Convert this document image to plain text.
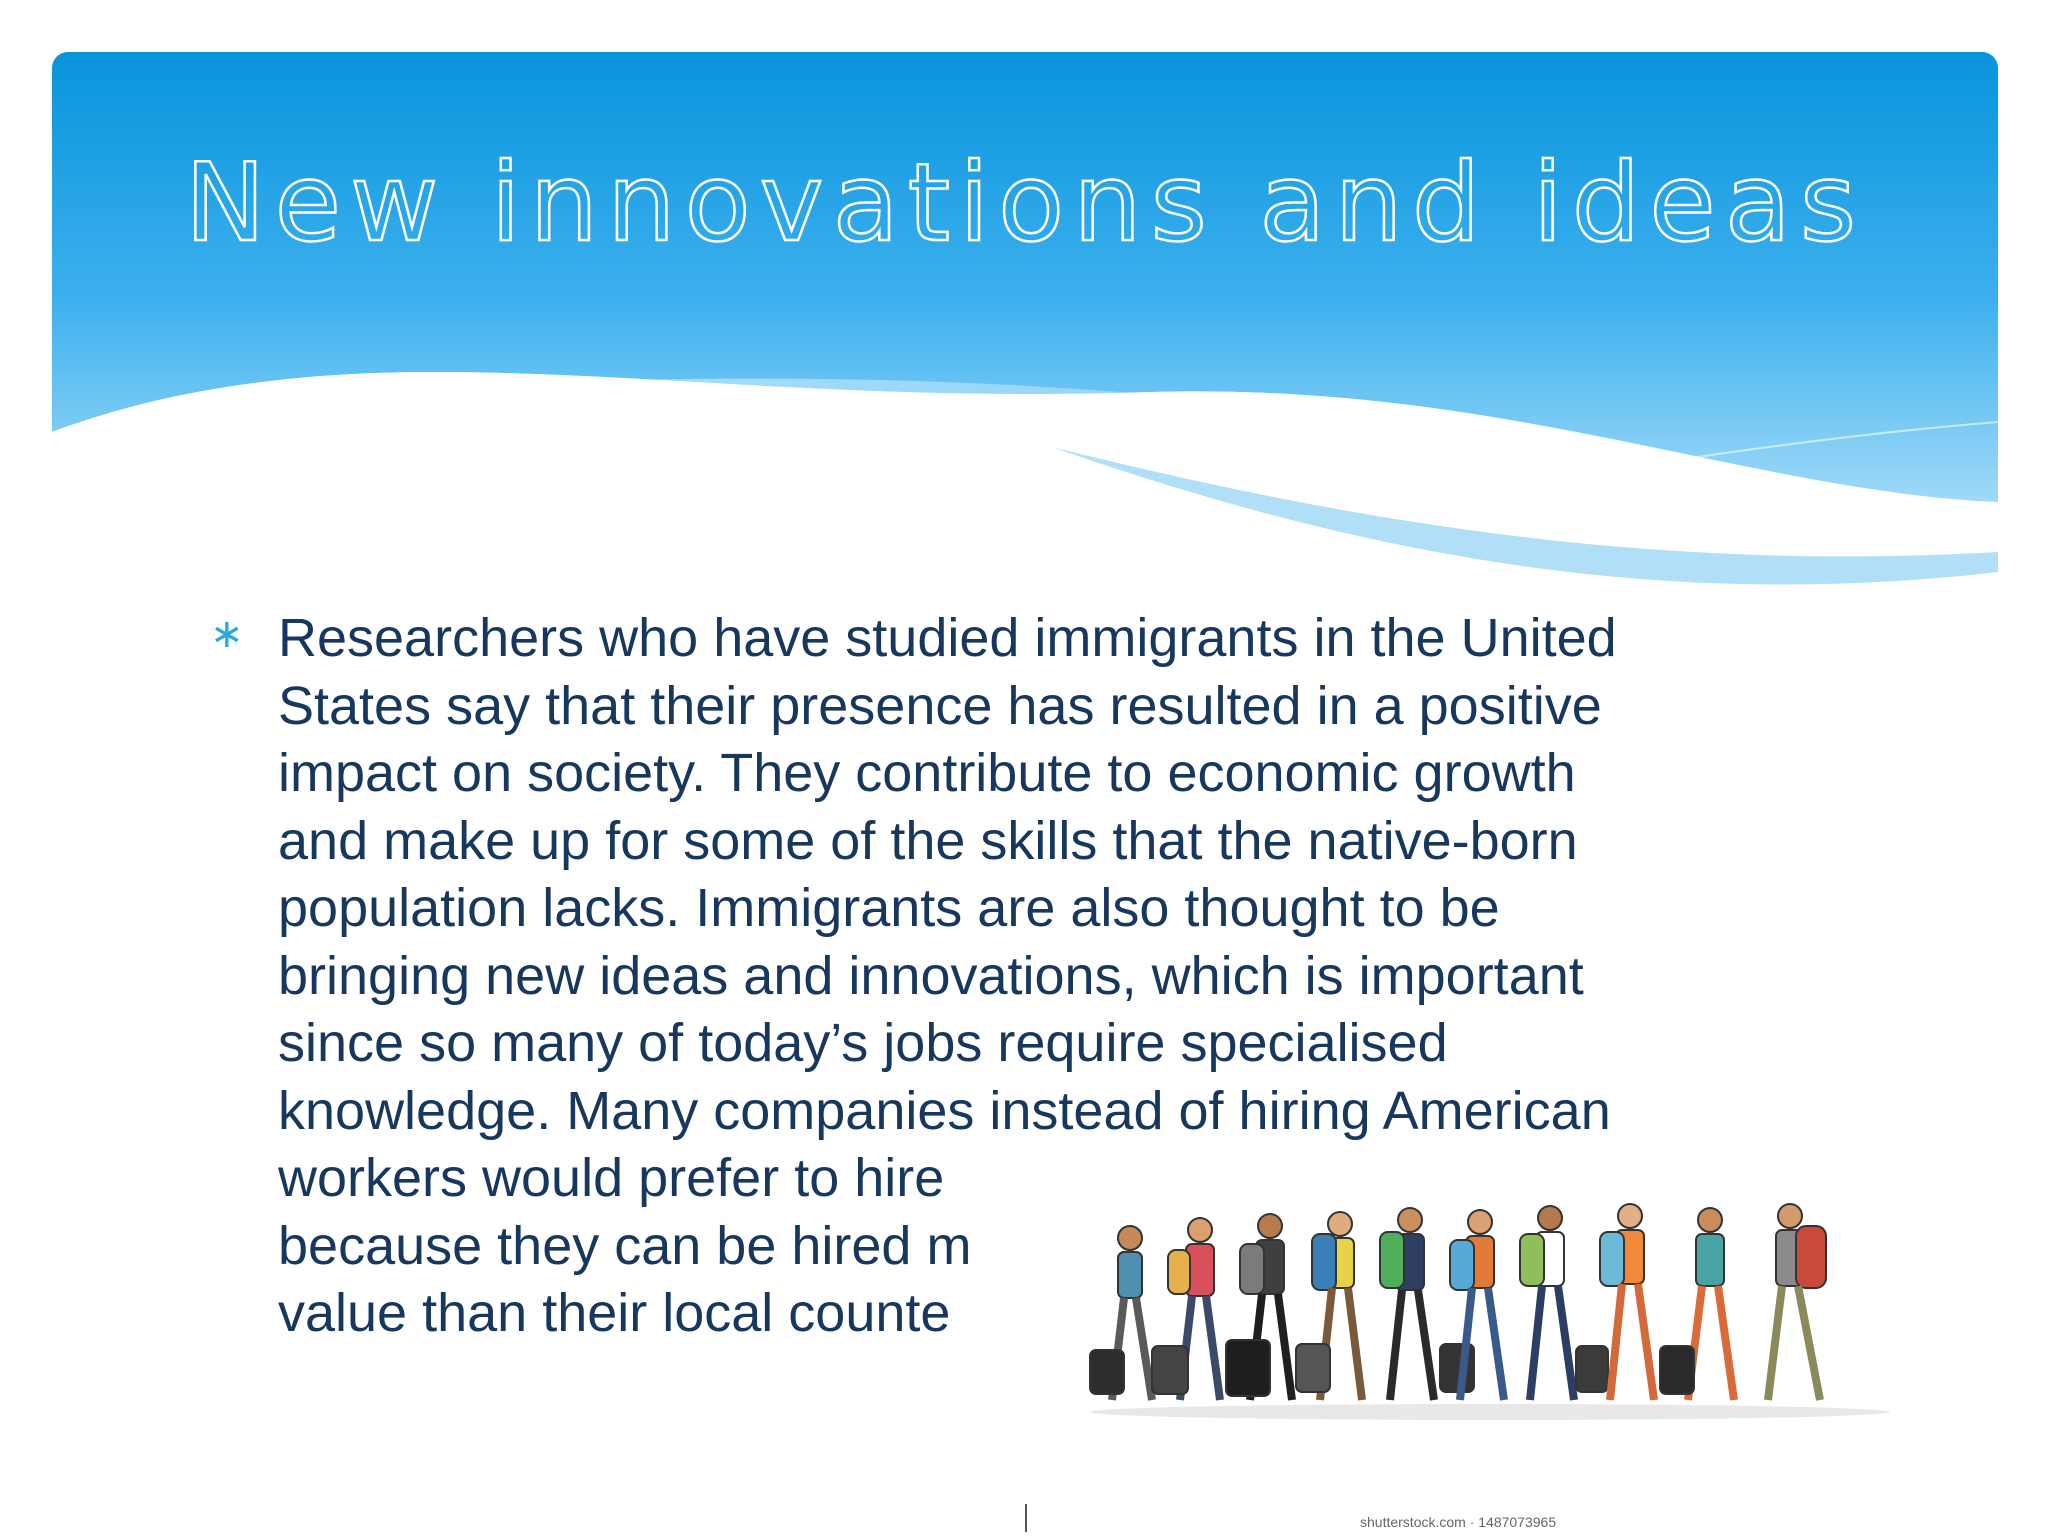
New innovations and ideas
∗ Researchers who have studied immigrants in the United
States say that their presence has resulted in a positive
impact on society. They contribute to economic growth
and make up for some of the skills that the native-born
population lacks. Immigrants are also thought to be
bringing new ideas and innovations, which is important
since so many of today’s jobs require specialised
knowledge. Many companies instead of hiring American
workers would prefer to hire
because they can be hired m
value than their local counte
shutterstock.com · 1487073965
